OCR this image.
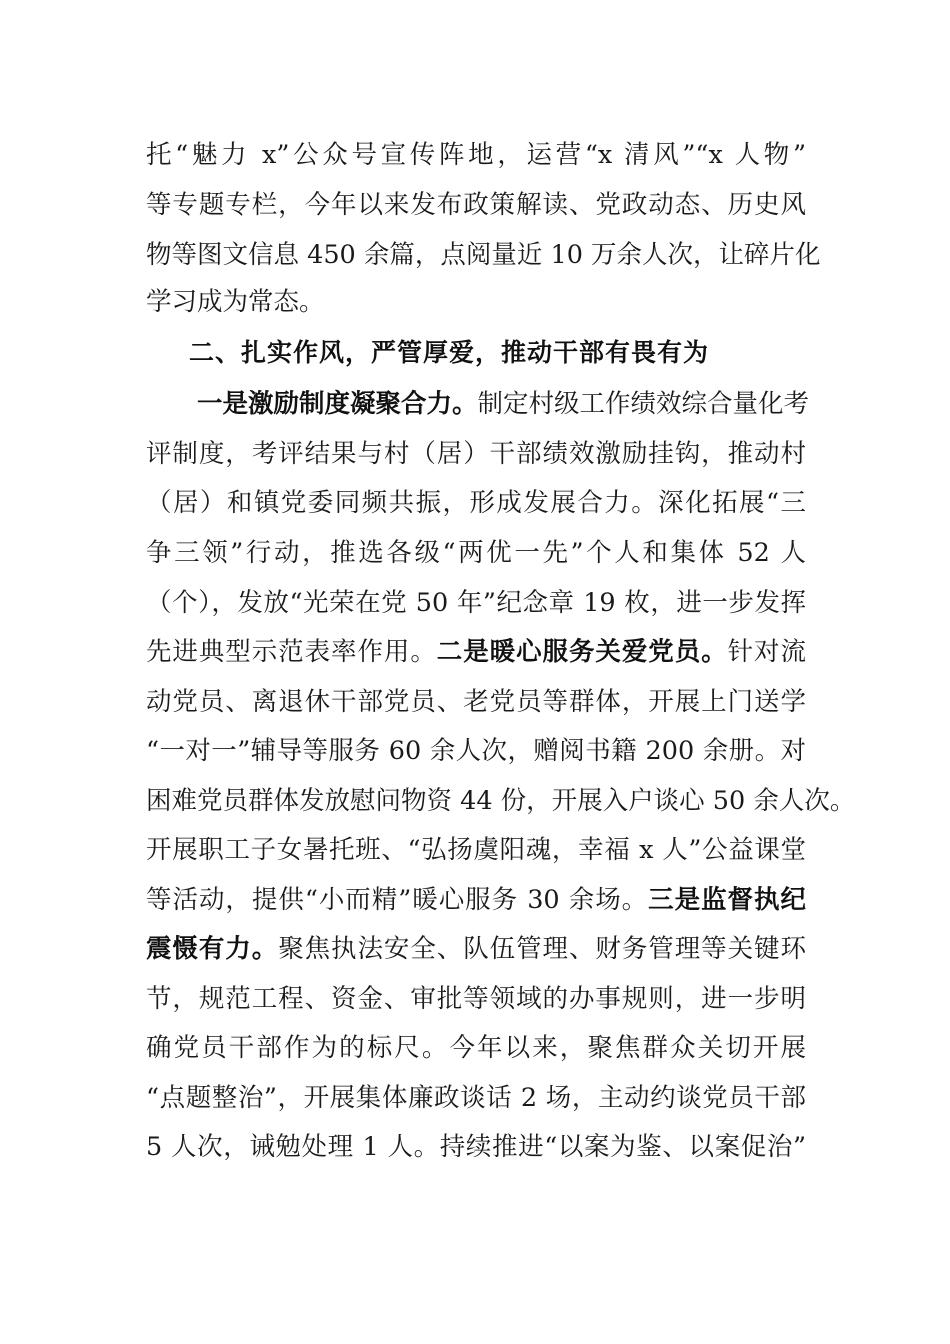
托“魅力 x”公众号宣传阵地，运营“x 清风”“x 人物”
等专题专栏，今年以来发布政策解读、党政动态、历史风
物等图文信息 450 余篇，点阅量近 10 万余人次，让碎片化
学习成为常态。
二、扎实作风，严管厚爱，推动干部有畏有为
一是激励制度凝聚合力。制定村级工作绩效综合量化考
评制度，考评结果与村（居）干部绩效激励挂钩，推动村
（居）和镇党委同频共振，形成发展合力。深化拓展“三
争三领”行动，推选各级“两优一先”个人和集体 52 人
（个），发放“光荣在党 50 年”纪念章 19 枚，进一步发挥
先进典型示范表率作用。二是暖心服务关爱党员。针对流
动党员、离退休干部党员、老党员等群体，开展上门送学
“一对一”辅导等服务 60 余人次，赠阅书籍 200 余册。对
困难党员群体发放慰问物资 44 份，开展入户谈心 50 余人次。
开展职工子女暑托班、“弘扬虞阳魂，幸福 x 人”公益课堂
等活动，提供“小而精”暖心服务 30 余场。三是监督执纪
震慑有力。聚焦执法安全、队伍管理、财务管理等关键环
节，规范工程、资金、审批等领域的办事规则，进一步明
确党员干部作为的标尺。今年以来，聚焦群众关切开展
“点题整治”，开展集体廉政谈话 2 场，主动约谈党员干部
5 人次，诫勉处理 1 人。持续推进“以案为鉴、以案促治”
